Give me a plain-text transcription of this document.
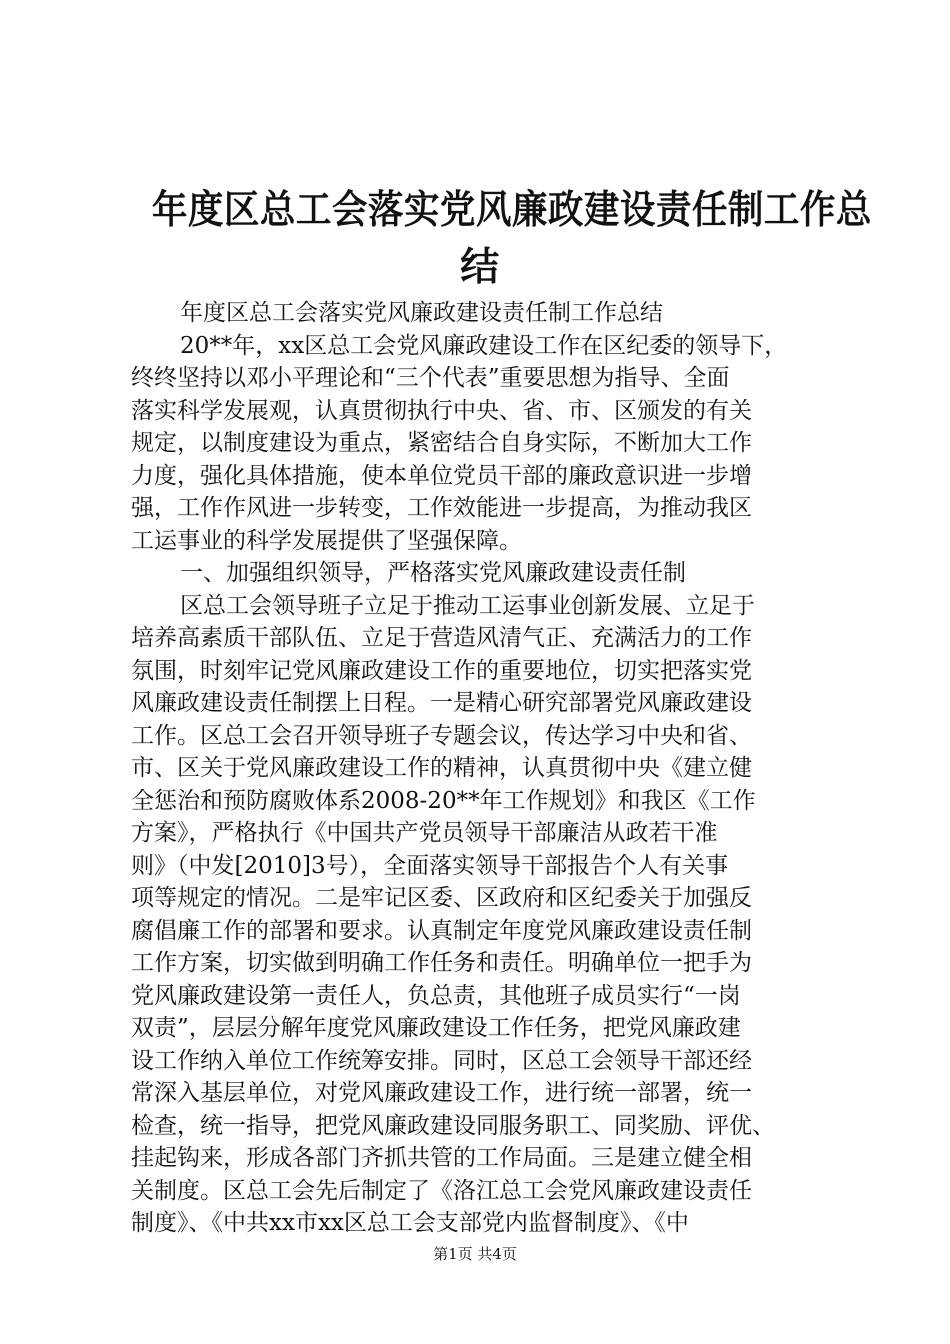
年度区总工会落实党风廉政建设责任制工作总
结
年度区总工会落实党风廉政建设责任制工作总结
20**年，xx区总工会党风廉政建设工作在区纪委的领导下，
终终坚持以邓小平理论和“三个代表”重要思想为指导、全面
落实科学发展观，认真贯彻执行中央、省、市、区颁发的有关
规定，以制度建设为重点，紧密结合自身实际，不断加大工作
力度，强化具体措施，使本单位党员干部的廉政意识进一步增
强，工作作风进一步转变，工作效能进一步提高，为推动我区
工运事业的科学发展提供了坚强保障。
一、加强组织领导，严格落实党风廉政建设责任制
区总工会领导班子立足于推动工运事业创新发展、立足于
培养高素质干部队伍、立足于营造风清气正、充满活力的工作
氛围，时刻牢记党风廉政建设工作的重要地位，切实把落实党
风廉政建设责任制摆上日程。一是精心研究部署党风廉政建设
工作。区总工会召开领导班子专题会议，传达学习中央和省、
市、区关于党风廉政建设工作的精神，认真贯彻中央《建立健
全惩治和预防腐败体系2008-20**年工作规划》和我区《工作
方案》，严格执行《中国共产党员领导干部廉洁从政若干准
则》（中发[2010]3号），全面落实领导干部报告个人有关事
项等规定的情况。二是牢记区委、区政府和区纪委关于加强反
腐倡廉工作的部署和要求。认真制定年度党风廉政建设责任制
工作方案，切实做到明确工作任务和责任。明确单位一把手为
党风廉政建设第一责任人，负总责，其他班子成员实行“一岗
双责”，层层分解年度党风廉政建设工作任务，把党风廉政建
设工作纳入单位工作统筹安排。同时，区总工会领导干部还经
常深入基层单位，对党风廉政建设工作，进行统一部署，统一
检查，统一指导，把党风廉政建设同服务职工、同奖励、评优、
挂起钩来，形成各部门齐抓共管的工作局面。三是建立健全相
关制度。区总工会先后制定了《洛江总工会党风廉政建设责任
制度》、《中共xx市xx区总工会支部党内监督制度》、《中
第1页 共4页
